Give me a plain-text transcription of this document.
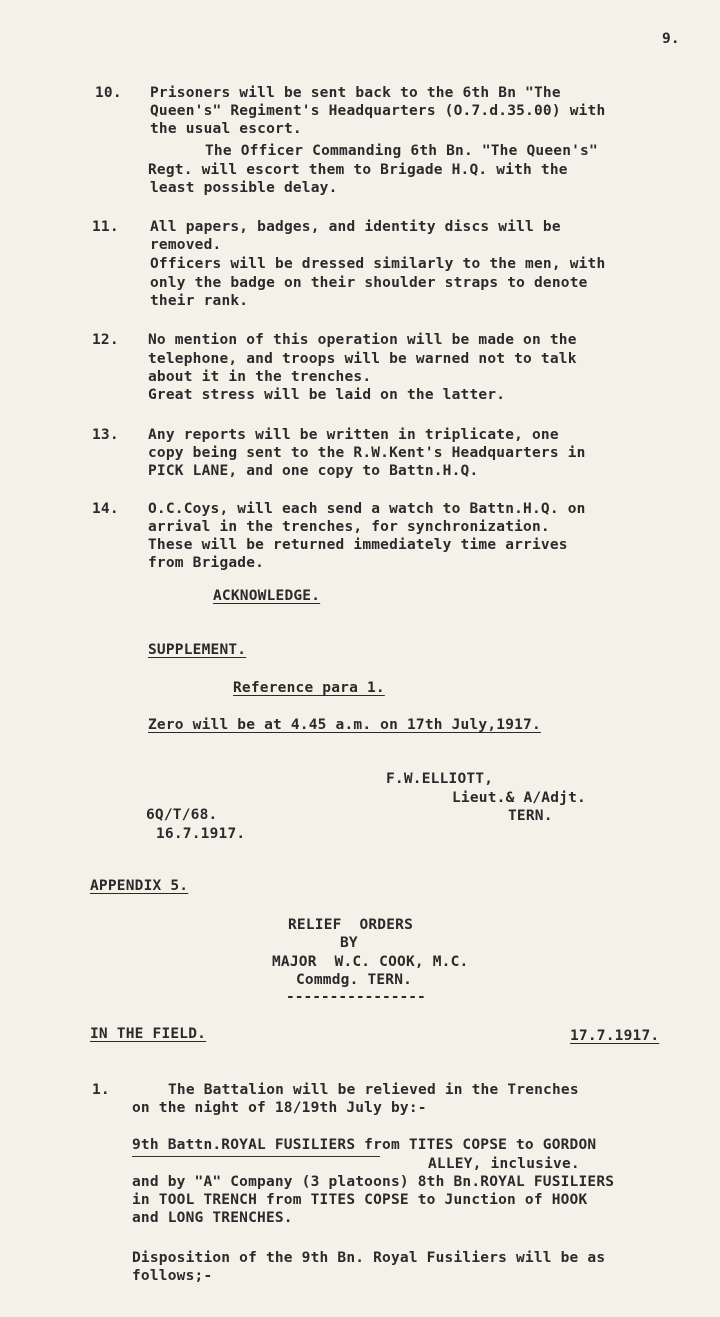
9.
10. Prisoners will be sent back to the 6th Bn "The
Queen's" Regiment's Headquarters (O.7.d.35.00) with
the usual escort.
The Officer Commanding 6th Bn. "The Queen's"
Regt. will escort them to Brigade H.Q. with the
least possible delay.
11. All papers, badges, and identity discs will be
removed.
Officers will be dressed similarly to the men, with
only the badge on their shoulder straps to denote
their rank.
12. No mention of this operation will be made on the
telephone, and troops will be warned not to talk
about it in the trenches.
Great stress will be laid on the latter.
13. Any reports will be written in triplicate, one
copy being sent to the R.W.Kent's Headquarters in
PICK LANE, and one copy to Battn.H.Q.
14. O.C.Coys, will each send a watch to Battn.H.Q. on
arrival in the trenches, for synchronization.
These will be returned immediately time arrives
from Brigade.
ACKNOWLEDGE.
SUPPLEMENT.
Reference para 1.
Zero will be at 4.45 a.m. on 17th July,1917.
F.W.ELLIOTT,
Lieut.& A/Adjt.
TERN.
6Q/T/68.
16.7.1917.
APPENDIX 5.
RELIEF  ORDERS
BY
MAJOR  W.C. COOK, M.C.
Commdg. TERN.
----------------
IN THE FIELD.	17.7.1917.
1.	The Battalion will be relieved in the Trenches
on the night of 18/19th July by:-
9th Battn.ROYAL FUSILIERS from TITES COPSE to GORDON
ALLEY, inclusive.
and by "A" Company (3 platoons) 8th Bn.ROYAL FUSILIERS
in TOOL TRENCH from TITES COPSE to Junction of HOOK
and LONG TRENCHES.
Disposition of the 9th Bn. Royal Fusiliers will be as
follows;-
